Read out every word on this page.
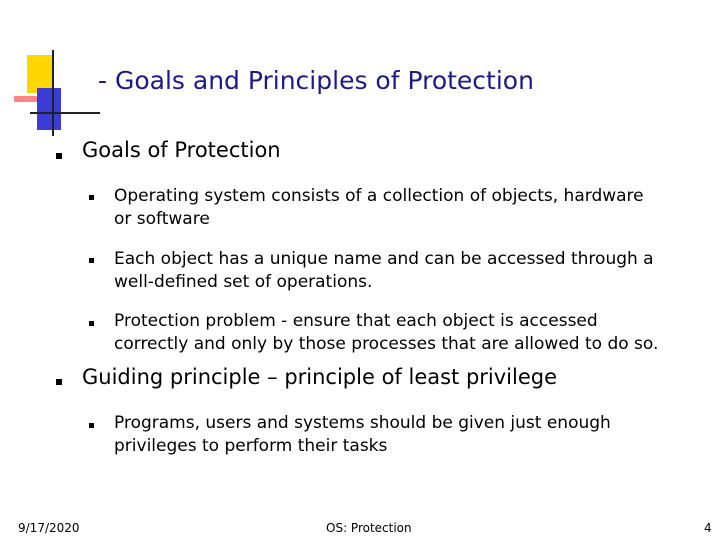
- Goals and Principles of Protection
Goals of Protection
Operating system consists of a collection of objects, hardware
or software
Each object has a unique name and can be accessed through a
well-defined set of operations.
Protection problem - ensure that each object is accessed
correctly and only by those processes that are allowed to do so.
Guiding principle – principle of least privilege
Programs, users and systems should be given just enough
privileges to perform their tasks
9/17/2020	OS: Protection	4
